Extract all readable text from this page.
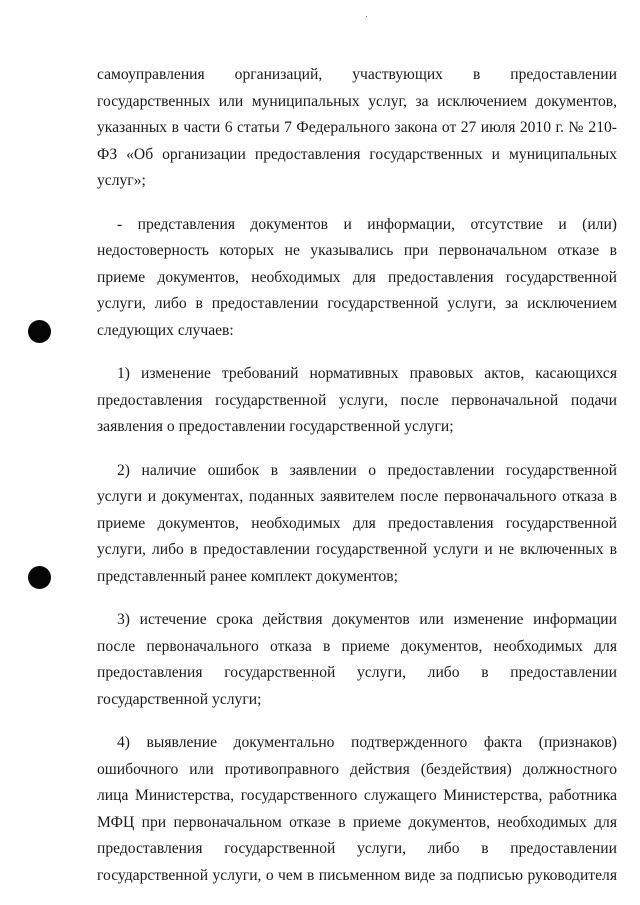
самоуправления организаций, участвующих в предоставлении
государственных или муниципальных услуг, за исключением документов,
указанных в части 6 статьи 7 Федерального закона от 27 июля 2010 г. № 210-
ФЗ «Об организации предоставления государственных и муниципальных
услуг»;
- представления документов и информации, отсутствие и (или)
недостоверность которых не указывались при первоначальном отказе в
приеме документов, необходимых для предоставления государственной
услуги, либо в предоставлении государственной услуги, за исключением
следующих случаев:
1) изменение требований нормативных правовых актов, касающихся
предоставления государственной услуги, после первоначальной подачи
заявления о предоставлении государственной услуги;
2) наличие ошибок в заявлении о предоставлении государственной
услуги и документах, поданных заявителем после первоначального отказа в
приеме документов, необходимых для предоставления государственной
услуги, либо в предоставлении государственной услуги и не включенных в
представленный ранее комплект документов;
3) истечение срока действия документов или изменение информации
после первоначального отказа в приеме документов, необходимых для
предоставления государственной услуги, либо в предоставлении
государственной услуги;
4) выявление документально подтвержденного факта (признаков)
ошибочного или противоправного действия (бездействия) должностного
лица Министерства, государственного служащего Министерства, работника
МФЦ при первоначальном отказе в приеме документов, необходимых для
предоставления государственной услуги, либо в предоставлении
государственной услуги, о чем в письменном виде за подписью руководителя
